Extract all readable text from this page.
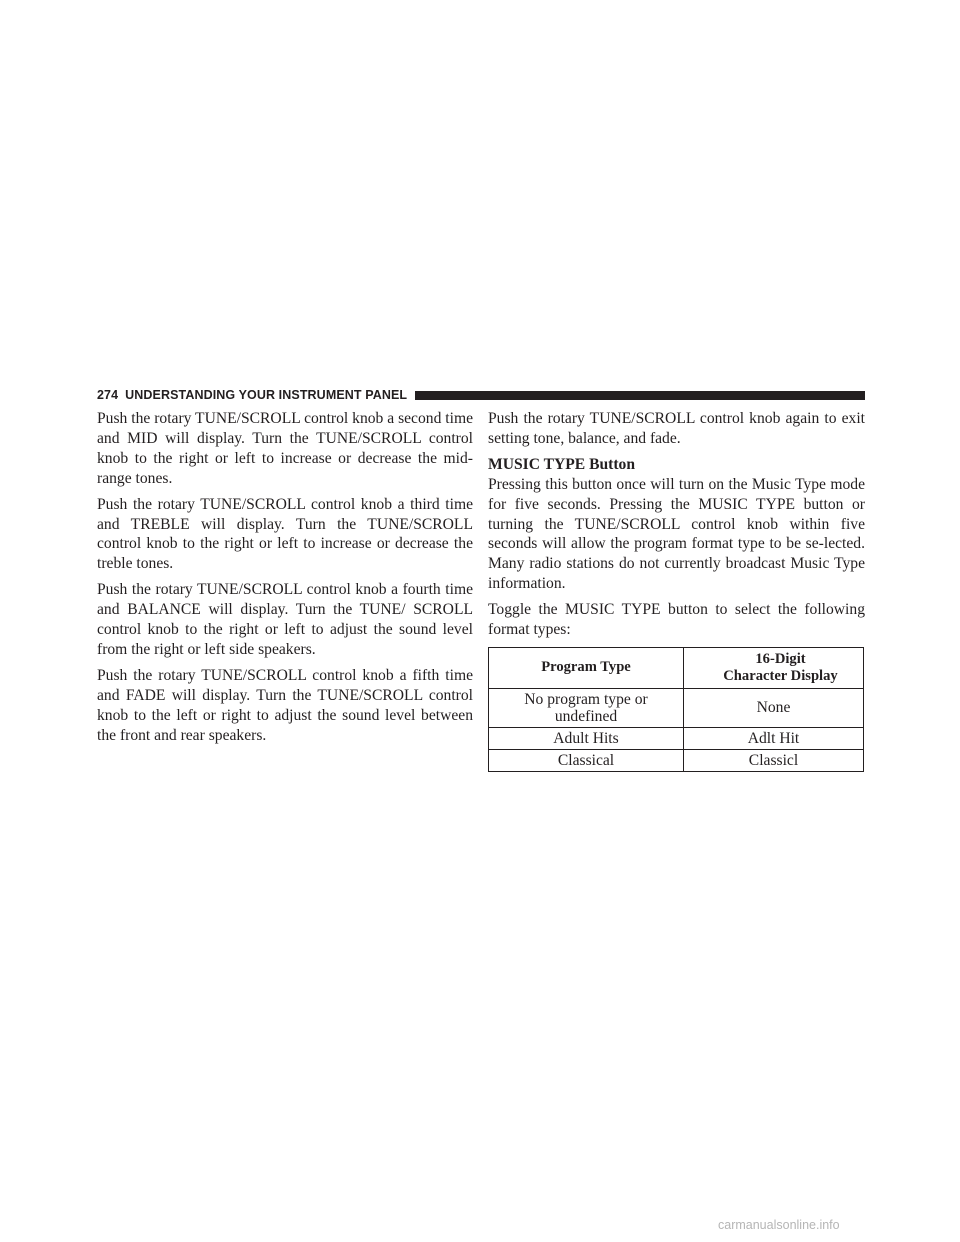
274 UNDERSTANDING YOUR INSTRUMENT PANEL

Push the rotary TUNE/SCROLL control knob a second time and MID will display. Turn the TUNE/SCROLL control knob to the right or left to increase or decrease the mid-range tones.

Push the rotary TUNE/SCROLL control knob a third time and TREBLE will display. Turn the TUNE/SCROLL control knob to the right or left to increase or decrease the treble tones.

Push the rotary TUNE/SCROLL control knob a fourth time and BALANCE will display. Turn the TUNE/ SCROLL control knob to the right or left to adjust the sound level from the right or left side speakers.

Push the rotary TUNE/SCROLL control knob a fifth time and FADE will display. Turn the TUNE/SCROLL control knob to the left or right to adjust the sound level between the front and rear speakers.

Push the rotary TUNE/SCROLL control knob again to exit setting tone, balance, and fade.

MUSIC TYPE Button

Pressing this button once will turn on the Music Type mode for five seconds. Pressing the MUSIC TYPE button or turning the TUNE/SCROLL control knob within five seconds will allow the program format type to be se-lected. Many radio stations do not currently broadcast Music Type information.

Toggle the MUSIC TYPE button to select the following format types:

Program Type	16-Digit Character Display
No program type or undefined	None
Adult Hits	Adlt Hit
Classical	Classicl
carmanualsonline.info
